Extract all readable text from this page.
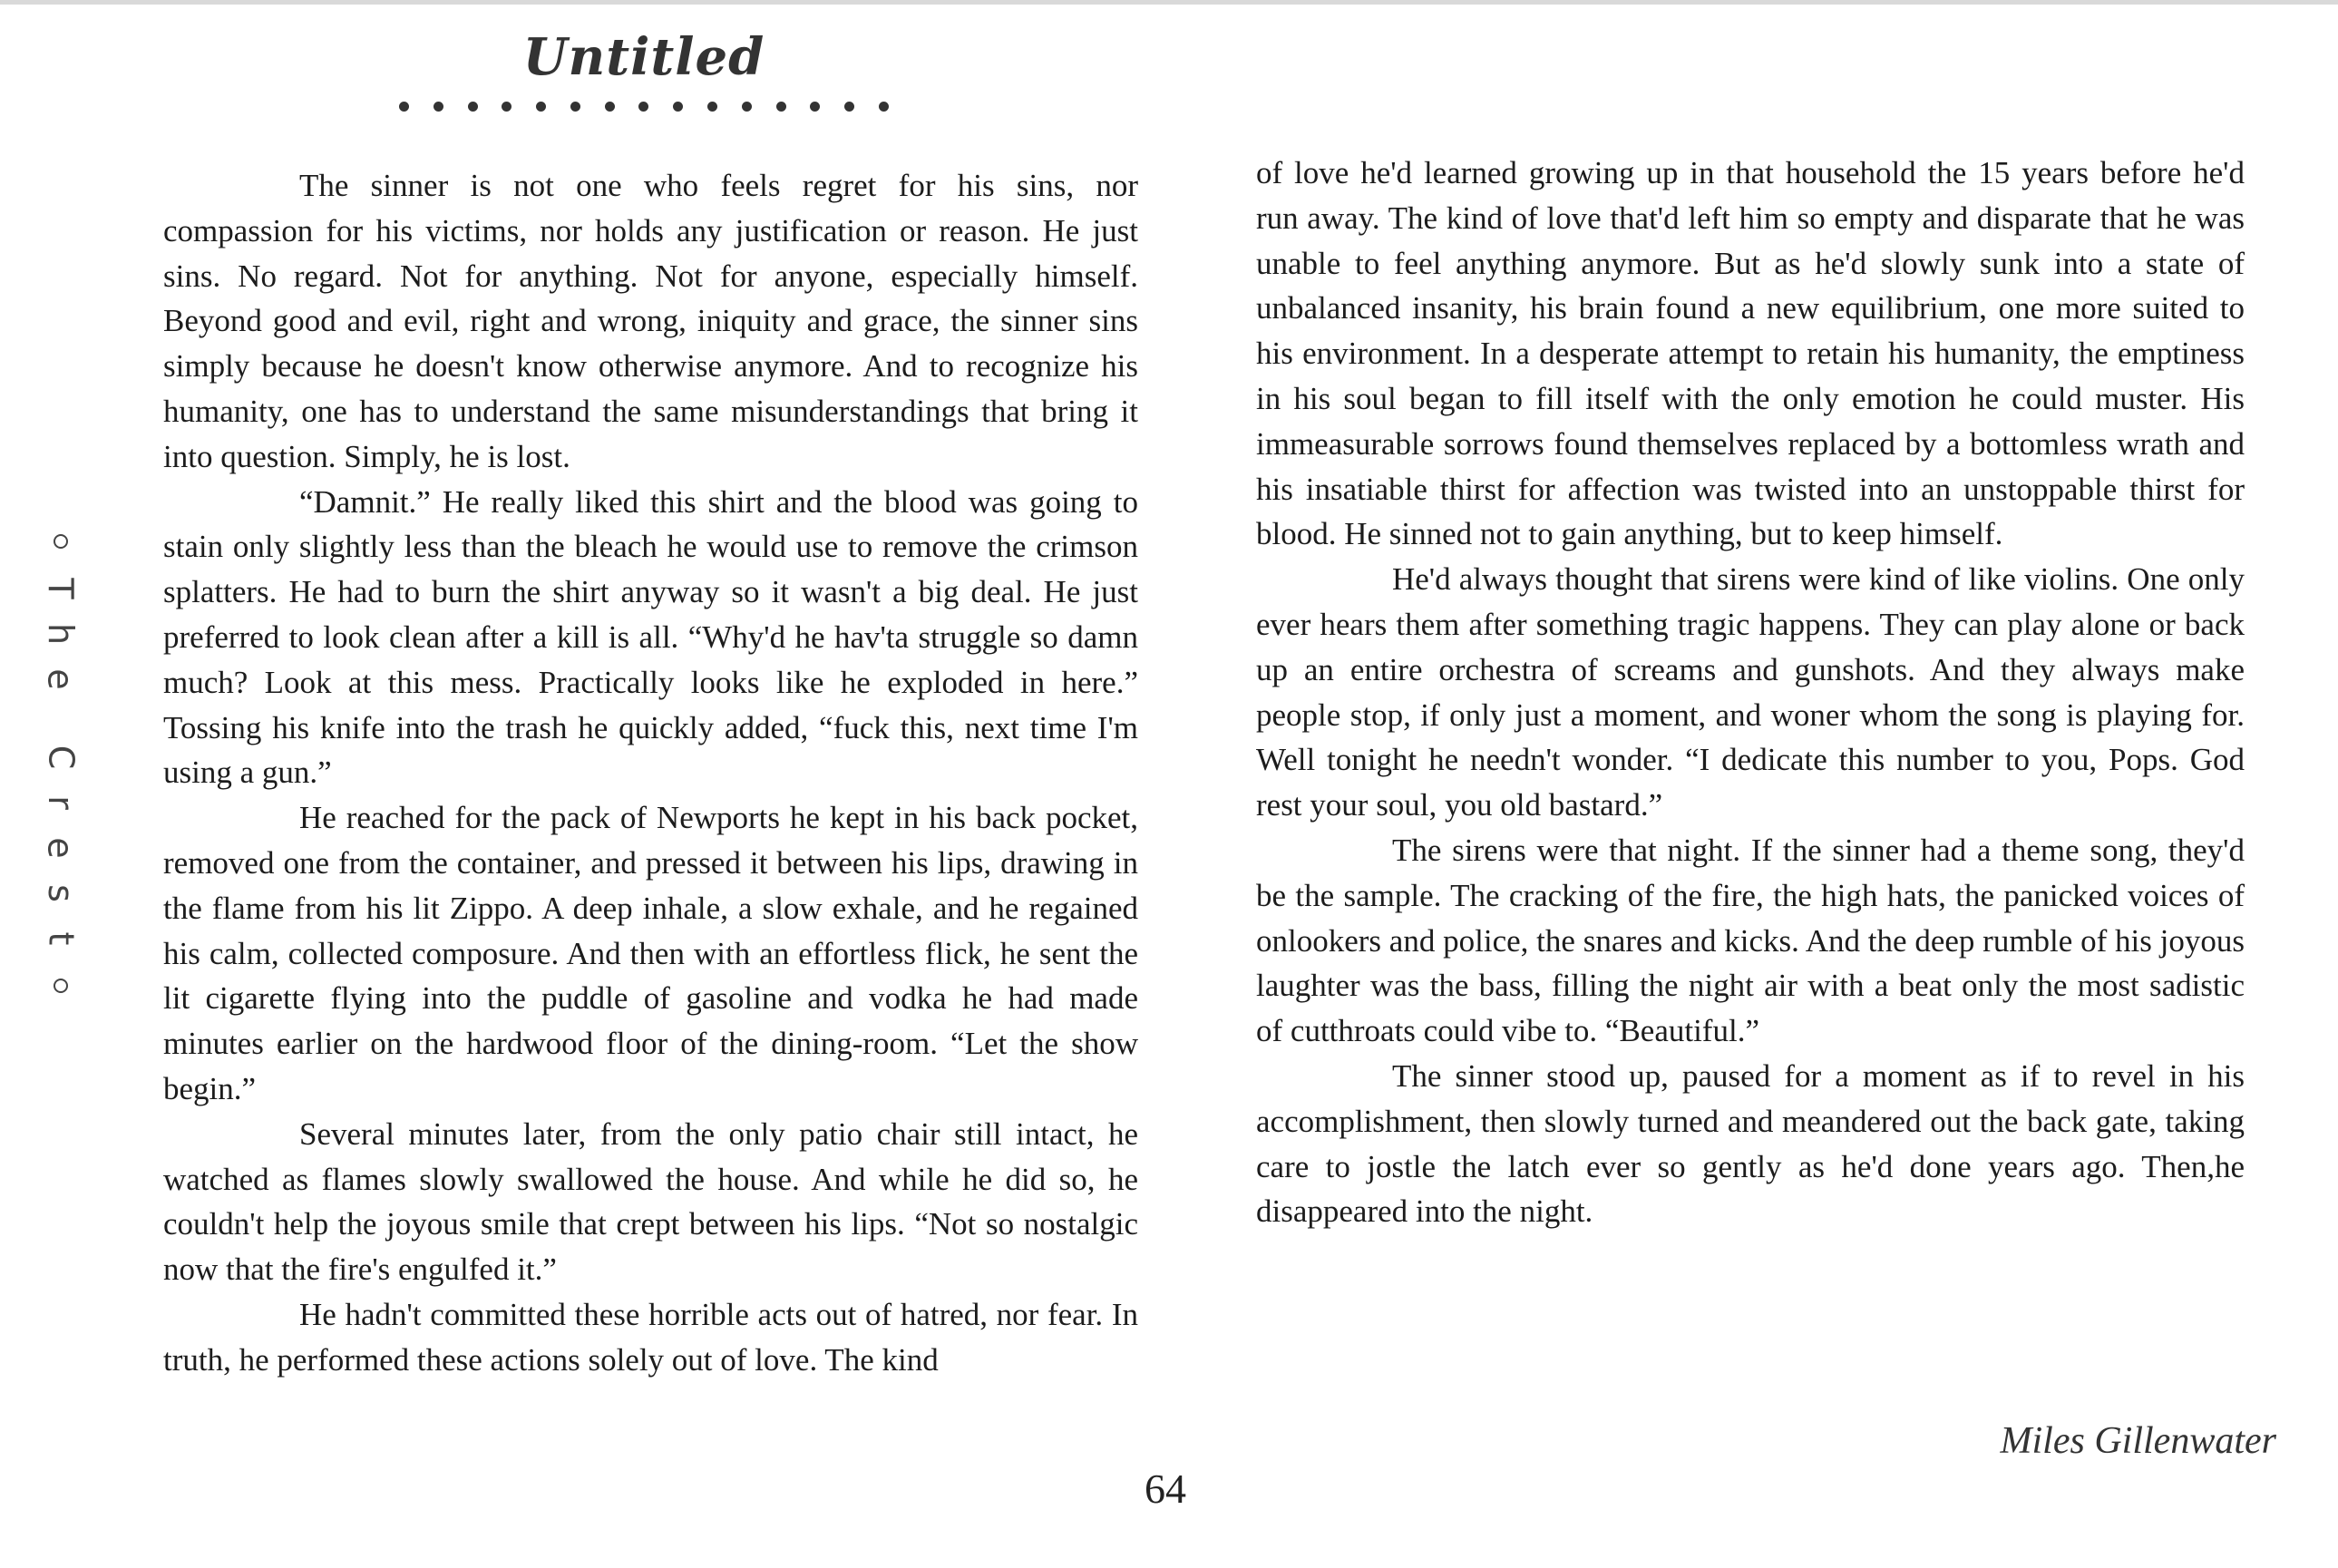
Untitled
T
h
e
C
r
e
s
t

The sinner is not one who feels regret for his sins, nor compassion for his victims, nor holds any justification or reason. He just sins. No regard. Not for anything. Not for anyone, especially himself. Beyond good and evil, right and wrong, iniquity and grace, the sinner sins simply because he doesn't know otherwise anymore. And to recognize his humanity, one has to understand the same misunderstandings that bring it into question. Simply, he is lost.

“Damnit.” He really liked this shirt and the blood was going to stain only slightly less than the bleach he would use to remove the crimson splatters. He had to burn the shirt anyway so it wasn't a big deal. He just preferred to look clean after a kill is all. “Why'd he hav'ta struggle so damn much? Look at this mess. Practically looks like he exploded in here.” Tossing his knife into the trash he quickly added, “fuck this, next time I'm using a gun.”

He reached for the pack of Newports he kept in his back pocket, removed one from the container, and pressed it between his lips, drawing in the flame from his lit Zippo. A deep inhale, a slow exhale, and he regained his calm, collected composure. And then with an effortless flick, he sent the lit cigarette flying into the puddle of gasoline and vodka he had made minutes earlier on the hardwood floor of the dining-room. “Let the show begin.”

Several minutes later, from the only patio chair still intact, he watched as flames slowly swallowed the house. And while he did so, he couldn't help the joyous smile that crept between his lips. “Not so nostalgic now that the fire's engulfed it.”

He hadn't committed these horrible acts out of hatred, nor fear. In truth, he performed these actions solely out of love. The kind

of love he'd learned growing up in that household the 15 years before he'd run away. The kind of love that'd left him so empty and disparate that he was unable to feel anything anymore. But as he'd slowly sunk into a state of unbalanced insanity, his brain found a new equilibrium, one more suited to his environment. In a desperate attempt to retain his humanity, the emptiness in his soul began to fill itself with the only emotion he could muster. His immeasurable sorrows found themselves replaced by a bottomless wrath and his insatiable thirst for affection was twisted into an unstoppable thirst for blood. He sinned not to gain anything, but to keep himself.

He'd always thought that sirens were kind of like violins. One only ever hears them after something tragic happens. They can play alone or back up an entire orchestra of screams and gunshots. And they always make people stop, if only just a moment, and woner whom the song is playing for. Well tonight he needn't wonder. “I dedicate this number to you, Pops. God rest your soul, you old bastard.”

The sirens were that night. If the sinner had a theme song, they'd be the sample. The cracking of the fire, the high hats, the panicked voices of onlookers and police, the snares and kicks. And the deep rumble of his joyous laughter was the bass, filling the night air with a beat only the most sadistic of cutthroats could vibe to. “Beautiful.”

The sinner stood up, paused for a moment as if to revel in his accomplishment, then slowly turned and meandered out the back gate, taking care to jostle the latch ever so gently as he'd done years ago. Then,he disappeared into the night.

Miles Gillenwater
64
